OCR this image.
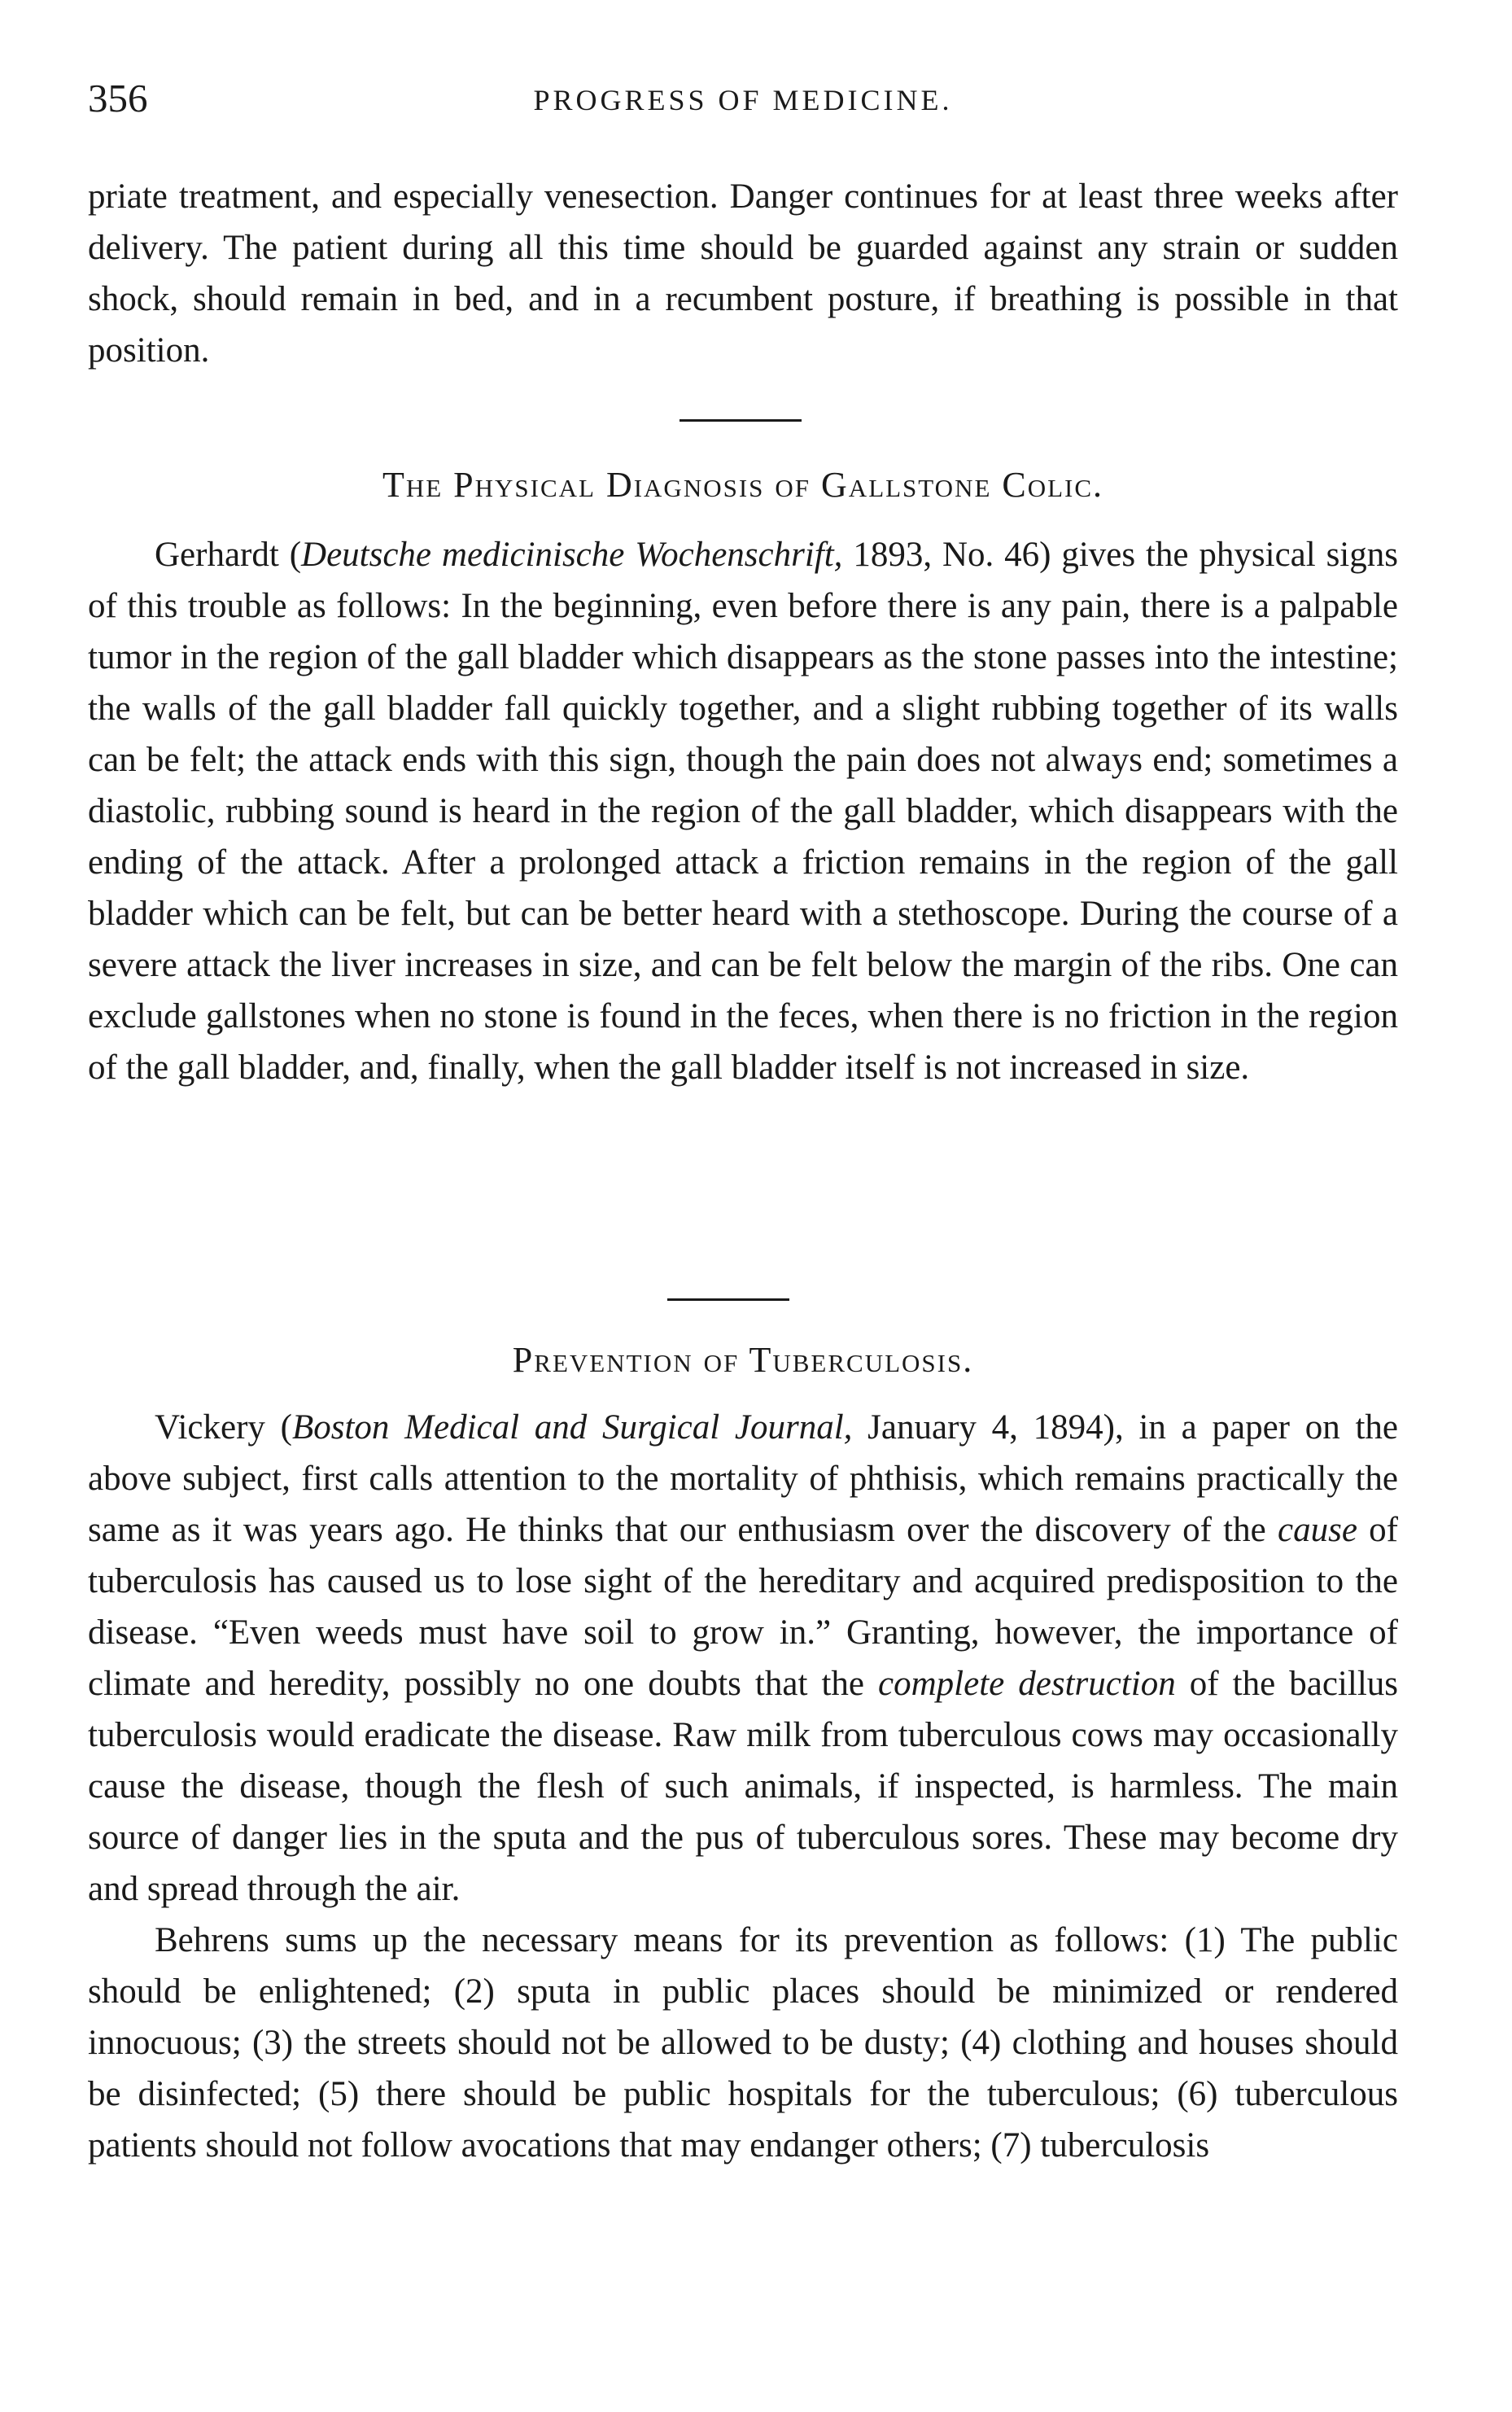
356	PROGRESS OF MEDICINE.

priate treatment, and especially venesection. Danger continues for at least three weeks after delivery. The patient during all this time should be guarded against any strain or sudden shock, should remain in bed, and in a recumbent posture, if breathing is possible in that position.

The Physical Diagnosis of Gallstone Colic.

Gerhardt (Deutsche medicinische Wochenschrift, 1893, No. 46) gives the physical signs of this trouble as follows: In the beginning, even before there is any pain, there is a palpable tumor in the region of the gall bladder which disappears as the stone passes into the intestine; the walls of the gall bladder fall quickly together, and a slight rubbing together of its walls can be felt; the attack ends with this sign, though the pain does not always end; sometimes a diastolic, rubbing sound is heard in the region of the gall bladder, which disappears with the ending of the attack. After a prolonged attack a friction remains in the region of the gall bladder which can be felt, but can be better heard with a stethoscope. During the course of a severe attack the liver increases in size, and can be felt below the margin of the ribs. One can exclude gallstones when no stone is found in the feces, when there is no friction in the region of the gall bladder, and, finally, when the gall bladder itself is not increased in size.

Prevention of Tuberculosis.

Vickery (Boston Medical and Surgical Journal, January 4, 1894), in a paper on the above subject, first calls attention to the mortality of phthisis, which remains practically the same as it was years ago. He thinks that our enthusiasm over the discovery of the cause of tuberculosis has caused us to lose sight of the hereditary and acquired predisposition to the disease. “Even weeds must have soil to grow in.” Granting, however, the importance of climate and heredity, possibly no one doubts that the complete destruction of the bacillus tuberculosis would eradicate the disease. Raw milk from tuberculous cows may occasionally cause the disease, though the flesh of such animals, if inspected, is harmless. The main source of danger lies in the sputa and the pus of tuberculous sores. These may become dry and spread through the air.

Behrens sums up the necessary means for its prevention as follows: (1) The public should be enlightened; (2) sputa in public places should be minimized or rendered innocuous; (3) the streets should not be allowed to be dusty; (4) clothing and houses should be disinfected; (5) there should be public hospitals for the tuberculous; (6) tuberculous patients should not follow avocations that may endanger others; (7) tuberculosis
